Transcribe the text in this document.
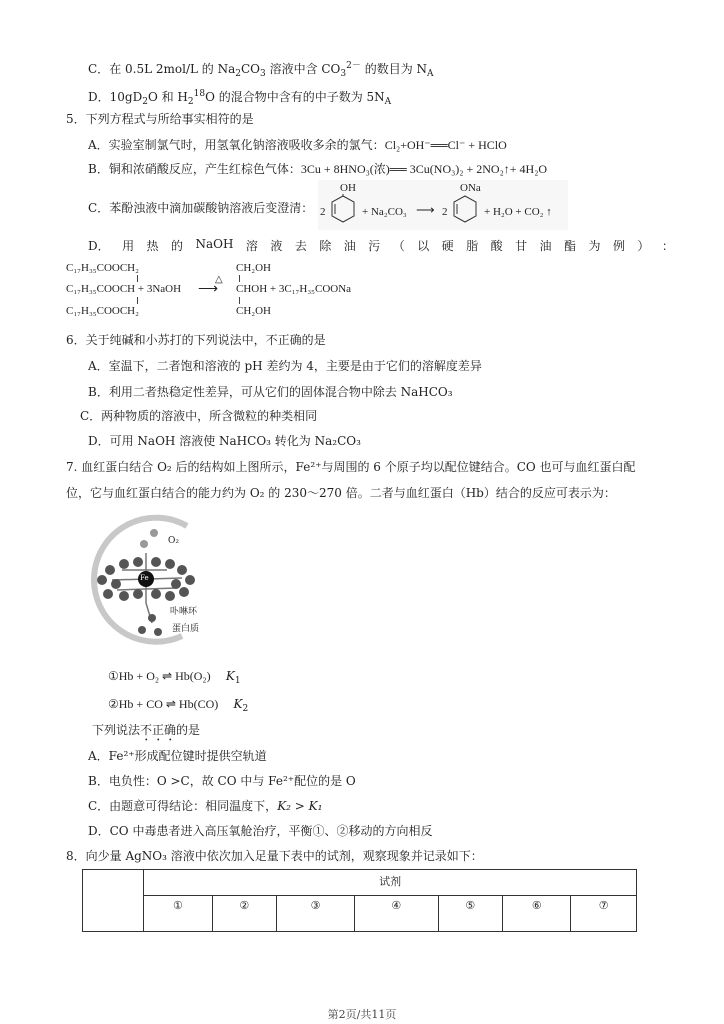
C．在 0.5L 2mol/L 的 $Na_2CO_3$ 溶液中含 $CO_3^{2-}$ 的数目为 $N_A$
D．$10gD_2O$ 和 $H_2^{18}O$ 的混合物中含有的中子数为 $5N_A$
5．下列方程式与所给事实相符的是
A．实验室制氯气时，用氢氧化钠溶液吸收多余的氯气：Cl₂+OH⁻══Cl⁻ + HClO
B．铜和浓硝酸反应，产生红棕色气体：3Cu + 8HNO₃(浓)══ 3Cu(NO₃)₂ + 2NO₂↑+ 4H₂O
C．苯酚浊液中滴加碳酸钠溶液后变澄清： 2
OH
+ Na₂CO₃ ⟶ 2
ONa
+ H₂O + CO₂ ↑
D． 用 热 的 NaOH 溶 液 去 除 油 污 （ 以 硬 脂 酸 甘 油 酯 为 例 ） ：
C₁₇H₃₅COOCH₂
C₁₇H₃₅COOCH + 3NaOH
C₁₇H₃₅COOCH₂
△
⟶
CH₂OH
CHOH + 3C₁₇H₃₅COONa
CH₂OH
6．关于纯碱和小苏打的下列说法中，不正确的是
A．室温下，二者饱和溶液的 pH 差约为 4，主要是由于它们的溶解度差异
B．利用二者热稳定性差异，可从它们的固体混合物中除去 NaHCO₃
C．两种物质的溶液中，所含微粒的种类相同
D．可用 NaOH 溶液使 NaHCO₃ 转化为 Na₂CO₃
7. 血红蛋白结合 O₂ 后的结构如上图所示，Fe²⁺与周围的 6 个原子均以配位键结合。CO 也可与血红蛋白配
位，它与血红蛋白结合的能力约为 O₂ 的 230～270 倍。二者与血红蛋白（Hb）结合的反应可表示为：
O₂
Fe
卟啉环
蛋白质
①Hb + O₂ ⇌ Hb(O₂) $K_1$
②Hb + CO ⇌ Hb(CO) $K_2$
下列说法不正确的是
A．Fe²⁺形成配位键时提供空轨道
B．电负性：O >C，故 CO 中与 Fe²⁺配位的是 O
C．由题意可得结论：相同温度下，K₂ > K₁
D．CO 中毒患者进入高压氧舱治疗，平衡①、②移动的方向相反
8．向少量 AgNO₃ 溶液中依次加入足量下表中的试剂，观察现象并记录如下：
	试剂						
	①	②	③	④	⑤	⑥	⑦
第2页/共11页
